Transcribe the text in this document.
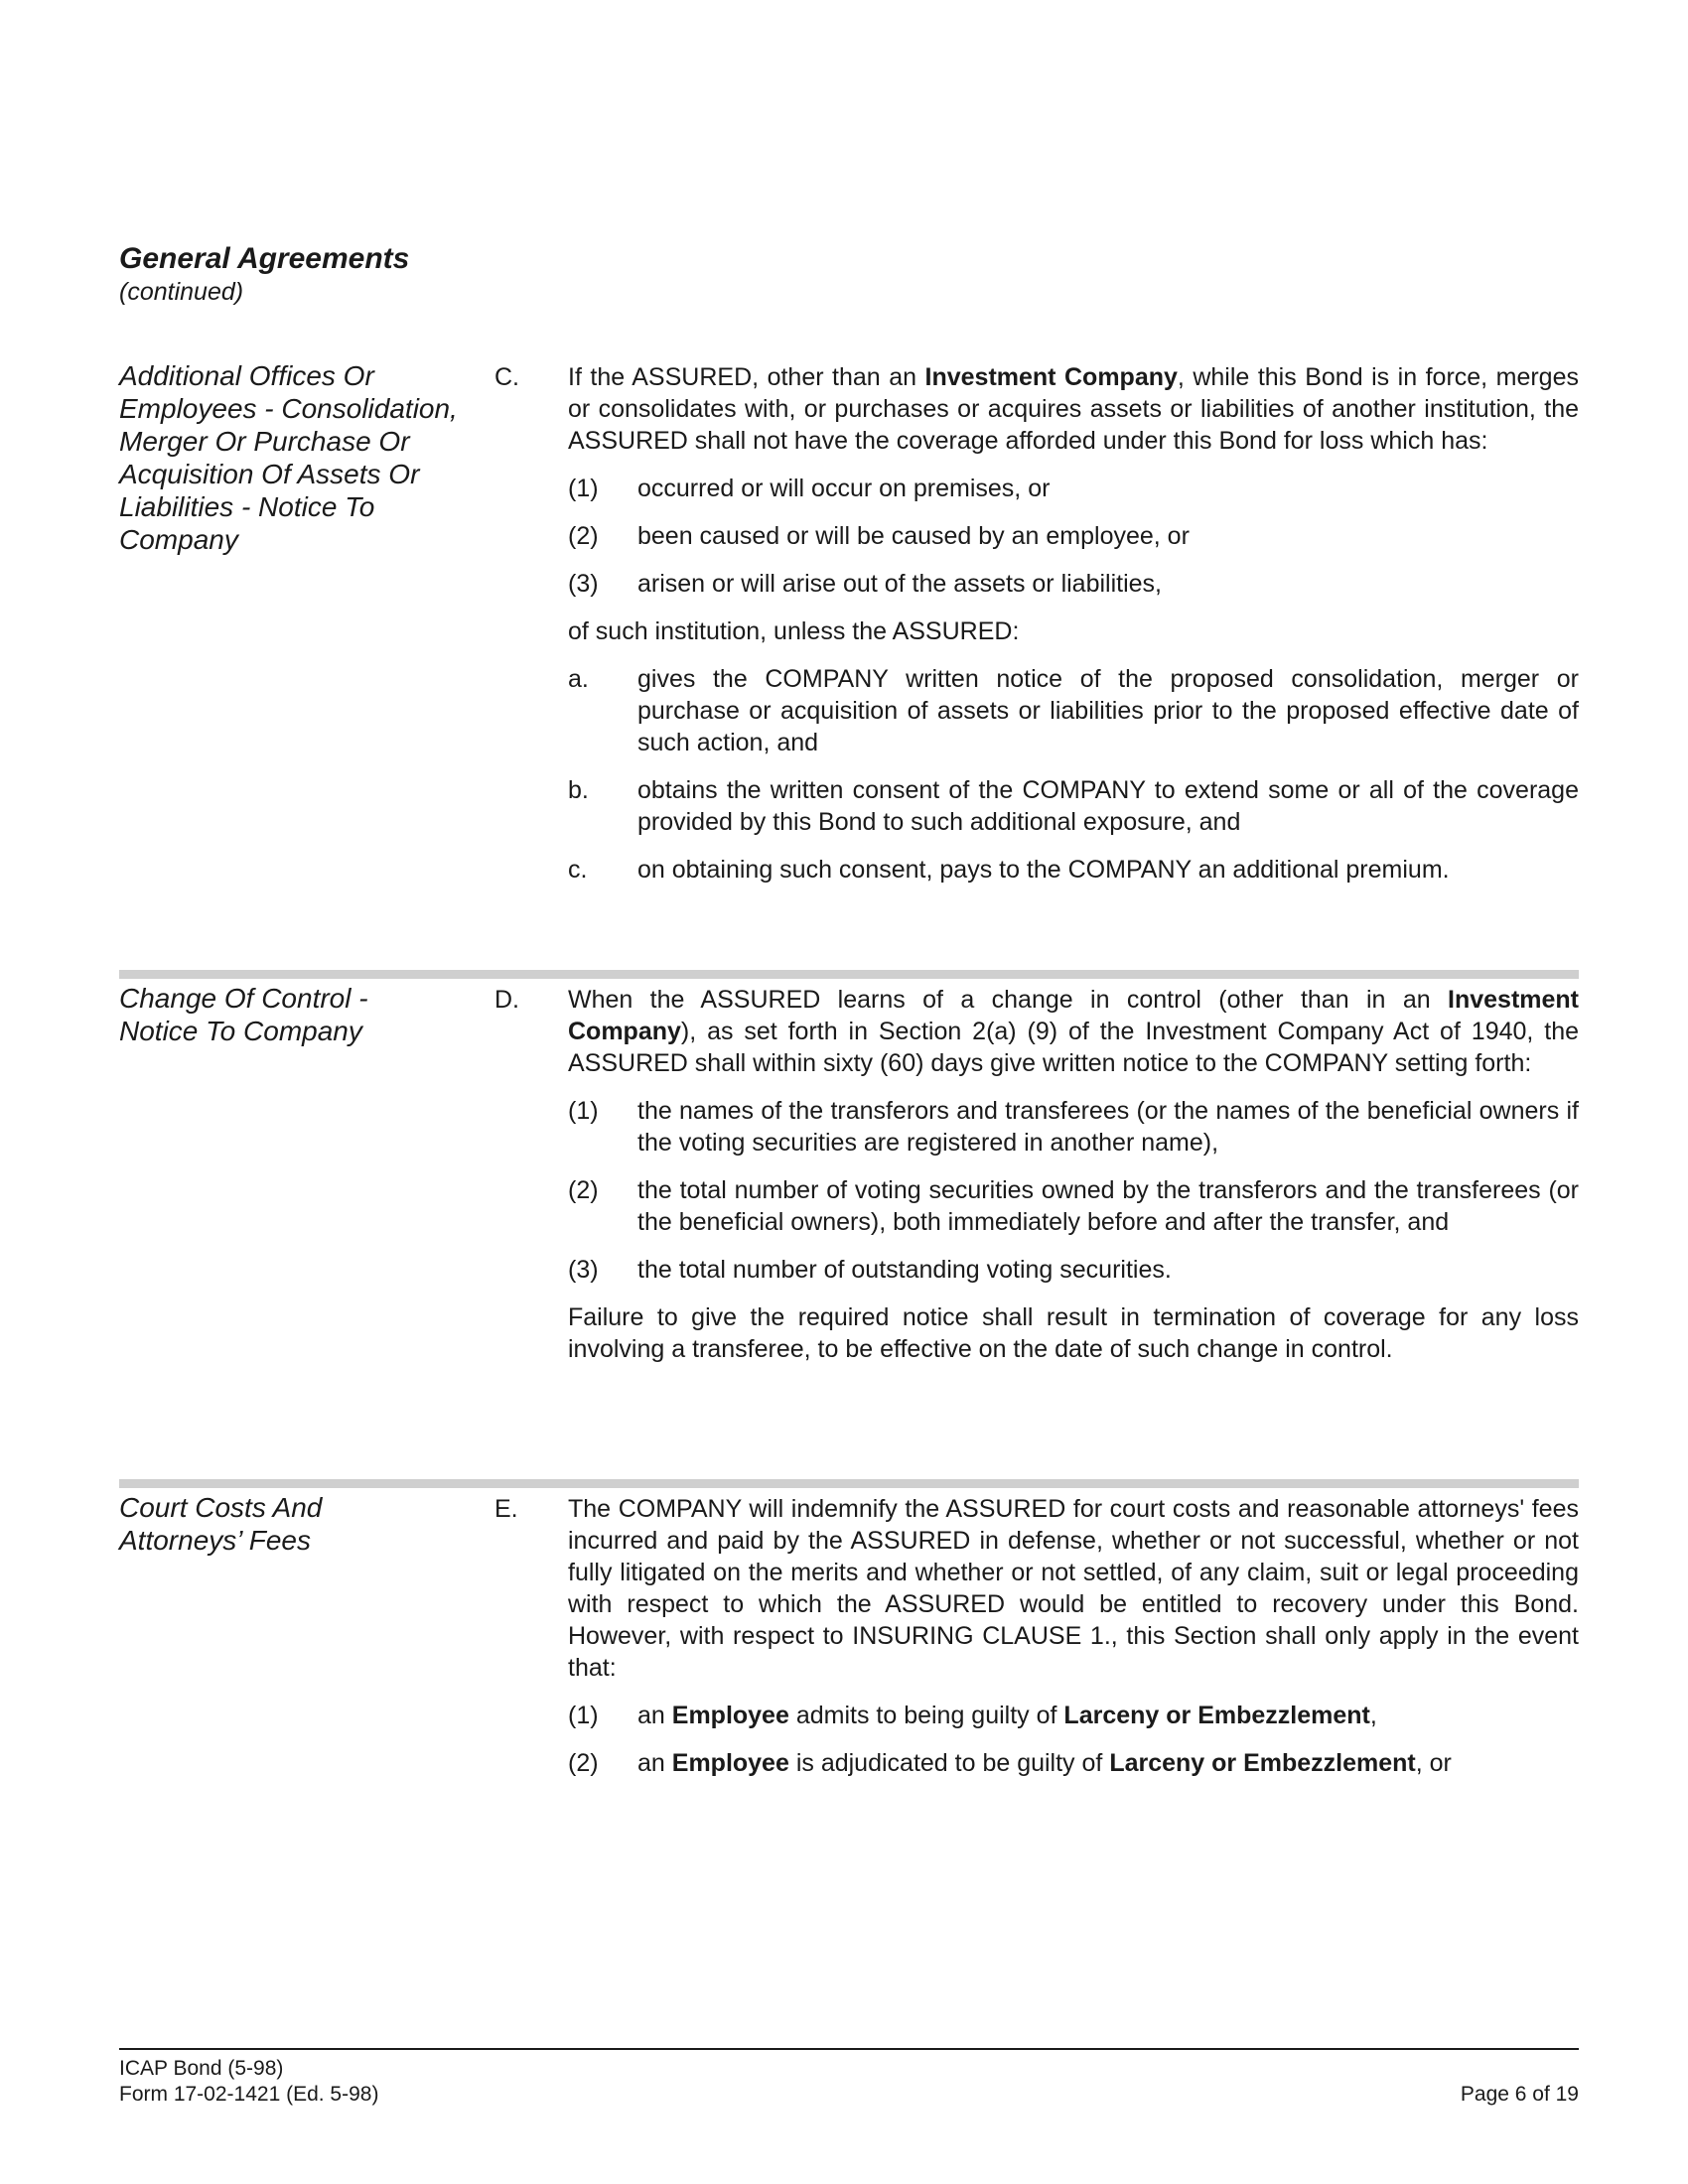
General Agreements
(continued)
Additional Offices Or Employees - Consolidation, Merger Or Purchase Or Acquisition Of Assets Or Liabilities - Notice To Company
C. If the ASSURED, other than an Investment Company, while this Bond is in force, merges or consolidates with, or purchases or acquires assets or liabilities of another institution, the ASSURED shall not have the coverage afforded under this Bond for loss which has:

(1) occurred or will occur on premises, or
(2) been caused or will be caused by an employee, or
(3) arisen or will arise out of the assets or liabilities,

of such institution, unless the ASSURED:

a. gives the COMPANY written notice of the proposed consolidation, merger or purchase or acquisition of assets or liabilities prior to the proposed effective date of such action, and
b. obtains the written consent of the COMPANY to extend some or all of the coverage provided by this Bond to such additional exposure, and
c. on obtaining such consent, pays to the COMPANY an additional premium.
Change Of Control - Notice To Company
D. When the ASSURED learns of a change in control (other than in an Investment Company), as set forth in Section 2(a) (9) of the Investment Company Act of 1940, the ASSURED shall within sixty (60) days give written notice to the COMPANY setting forth:

(1) the names of the transferors and transferees (or the names of the beneficial owners if the voting securities are registered in another name),
(2) the total number of voting securities owned by the transferors and the transferees (or the beneficial owners), both immediately before and after the transfer, and
(3) the total number of outstanding voting securities.

Failure to give the required notice shall result in termination of coverage for any loss involving a transferee, to be effective on the date of such change in control.

Court Costs And Attorneys’ Fees
E. The COMPANY will indemnify the ASSURED for court costs and reasonable attorneys' fees incurred and paid by the ASSURED in defense, whether or not successful, whether or not fully litigated on the merits and whether or not settled, of any claim, suit or legal proceeding with respect to which the ASSURED would be entitled to recovery under this Bond. However, with respect to INSURING CLAUSE 1., this Section shall only apply in the event that:

(1) an Employee admits to being guilty of Larceny or Embezzlement,
(2) an Employee is adjudicated to be guilty of Larceny or Embezzlement, or
ICAP Bond (5-98)
Form 17-02-1421 (Ed. 5-98)	Page 6 of 19
